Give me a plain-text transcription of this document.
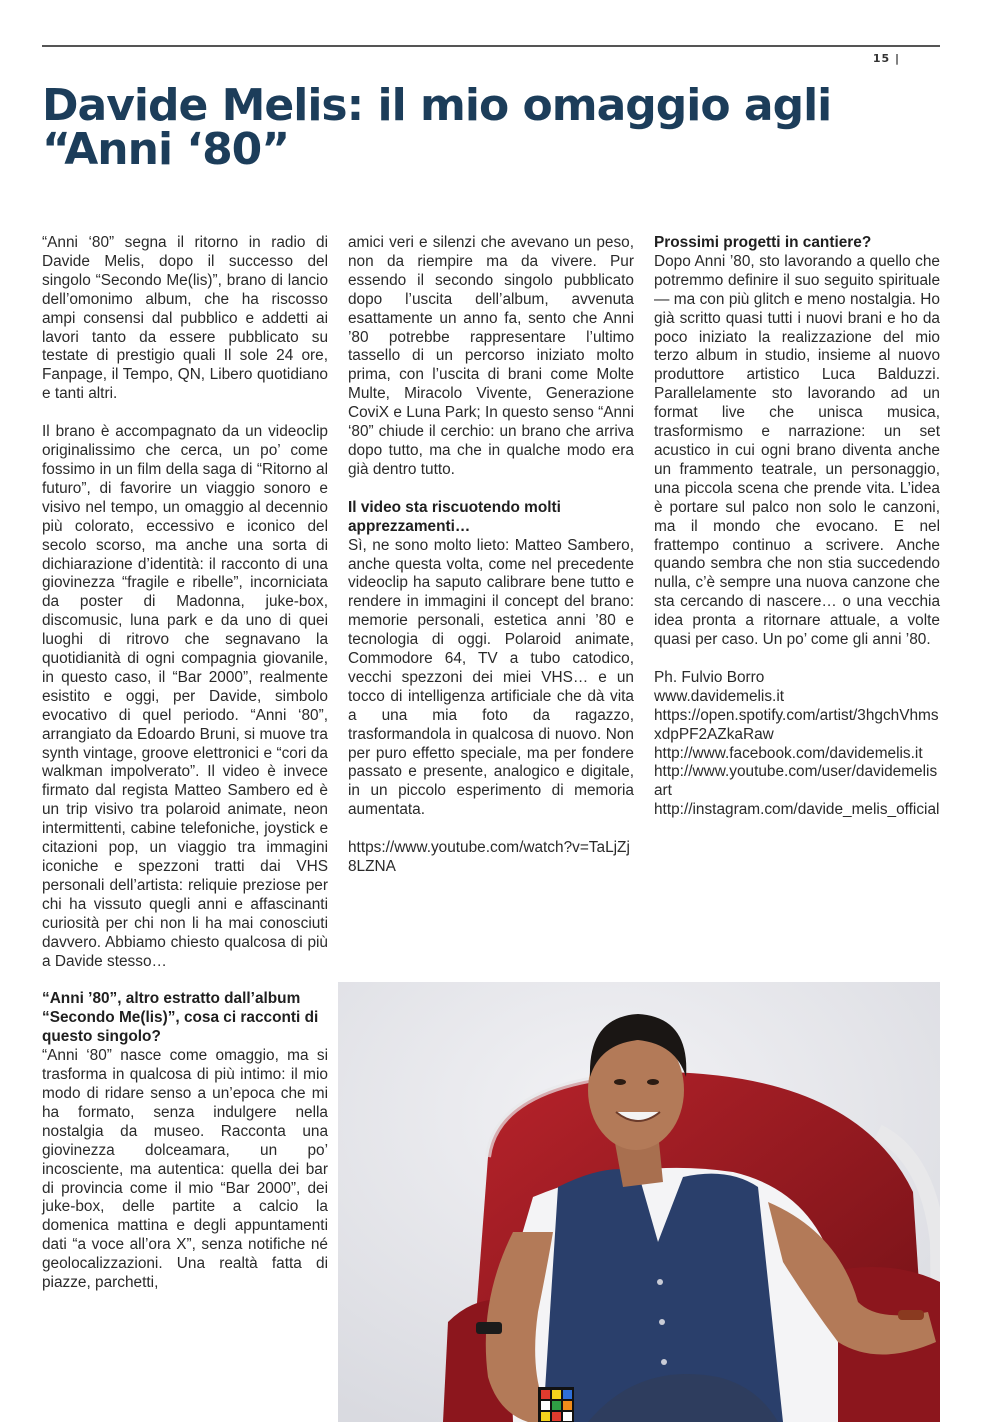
15 |
Davide Melis: il mio omaggio agli
“Anni ‘80”

“Anni ‘80” segna il ritorno in radio di Davide Melis, dopo il successo del singolo “Secondo Me(lis)”, brano di lancio dell’omonimo album, che ha riscosso ampi consensi dal pubblico e addetti ai lavori tanto da essere pubblicato su testate di prestigio quali Il sole 24 ore, Fanpage, il Tempo, QN, Libero quotidiano e tanti altri.

Il brano è accompagnato da un videoclip originalissimo che cerca, un po’ come fossimo in un film della saga di “Ritorno al futuro”, di favorire un viaggio sonoro e visivo nel tempo, un omaggio al decennio più colorato, eccessivo e iconico del secolo scorso, ma anche una sorta di dichiarazione d’identità: il racconto di una giovinezza “fragile e ribelle”, incorniciata da poster di Madonna, juke-box, discomusic, luna park e da uno di quei luoghi di ritrovo che segnavano la quotidianità di ogni compagnia giovanile, in questo caso, il “Bar 2000”, realmente esistito e oggi, per Davide, simbolo evocativo di quel periodo. “Anni ‘80”, arrangiato da Edoardo Bruni, si muove tra synth vintage, groove elettronici e “cori da walkman impolverato”. Il video è invece firmato dal regista Matteo Sambero ed è un trip visivo tra polaroid animate, neon intermittenti, cabine telefoniche, joystick e citazioni pop, un viaggio tra immagini iconiche e spezzoni tratti dai VHS personali dell’artista: reliquie preziose per chi ha vissuto quegli anni e affascinanti curiosità per chi non li ha mai conosciuti davvero. Abbiamo chiesto qualcosa di più a Davide stesso…

“Anni ’80”, altro estratto dall’album “Secondo Me(lis)”, cosa ci racconti di questo singolo?

“Anni ‘80” nasce come omaggio, ma si trasforma in qualcosa di più intimo: il mio modo di ridare senso a un’epoca che mi ha formato, senza indulgere nella nostalgia da museo. Racconta una giovinezza dolceamara, un po’ incosciente, ma autentica: quella dei bar di provincia come il mio “Bar 2000”, dei juke-box, delle partite a calcio la domenica mattina e degli appuntamenti dati “a voce all’ora X”, senza notifiche né geolocalizzazioni. Una realtà fatta di piazze, parchetti,

amici veri e silenzi che avevano un peso, non da riempire ma da vivere. Pur essendo il secondo singolo pubblicato dopo l’uscita dell’album, avvenuta esattamente un anno fa, sento che Anni ’80 potrebbe rappresentare l’ultimo tassello di un percorso iniziato molto prima, con l’uscita di brani come Molte Multe, Miracolo Vivente, Generazione CoviX e Luna Park; In questo senso “Anni ‘80” chiude il cerchio: un brano che arriva dopo tutto, ma che in qualche modo era già dentro tutto.

Il video sta riscuotendo molti apprezzamenti…

Sì, ne sono molto lieto: Matteo Sambero, anche questa volta, come nel precedente videoclip ha saputo calibrare bene tutto e rendere in immagini il concept del brano: memorie personali, estetica anni ’80 e tecnologia di oggi. Polaroid animate, Commodore 64, TV a tubo catodico, vecchi spezzoni dei miei VHS… e un tocco di intelligenza artificiale che dà vita a una mia foto da ragazzo, trasformandola in qualcosa di nuovo. Non per puro effetto speciale, ma per fondere passato e presente, analogico e digitale, in un piccolo esperimento di memoria aumentata.

https://www.youtube.com/watch?v=TaLjZj8LZNA

Prossimi progetti in cantiere?

Dopo Anni ’80, sto lavorando a quello che potremmo definire il suo seguito spirituale — ma con più glitch e meno nostalgia. Ho già scritto quasi tutti i nuovi brani e ho da poco iniziato la realizzazione del mio terzo album in studio, insieme al nuovo produttore artistico Luca Balduzzi. Parallelamente sto lavorando ad un format live che unisca musica, trasformismo e narrazione: un set acustico in cui ogni brano diventa anche un frammento teatrale, un personaggio, una piccola scena che prende vita. L’idea è portare sul palco non solo le canzoni, ma il mondo che evocano. E nel frattempo continuo a scrivere. Anche quando sembra che non stia succedendo nulla, c’è sempre una nuova canzone che sta cercando di nascere… o una vecchia idea pronta a ritornare attuale, a volte quasi per caso. Un po’ come gli anni ’80.

Ph. Fulvio Borro

www.davidemelis.it

https://open.spotify.com/artist/3hgchVhmsxdpPF2AZkaRaw

http://www.facebook.com/davidemelis.it

http://www.youtube.com/user/davidemelisart

http://instagram.com/davide_melis_official
